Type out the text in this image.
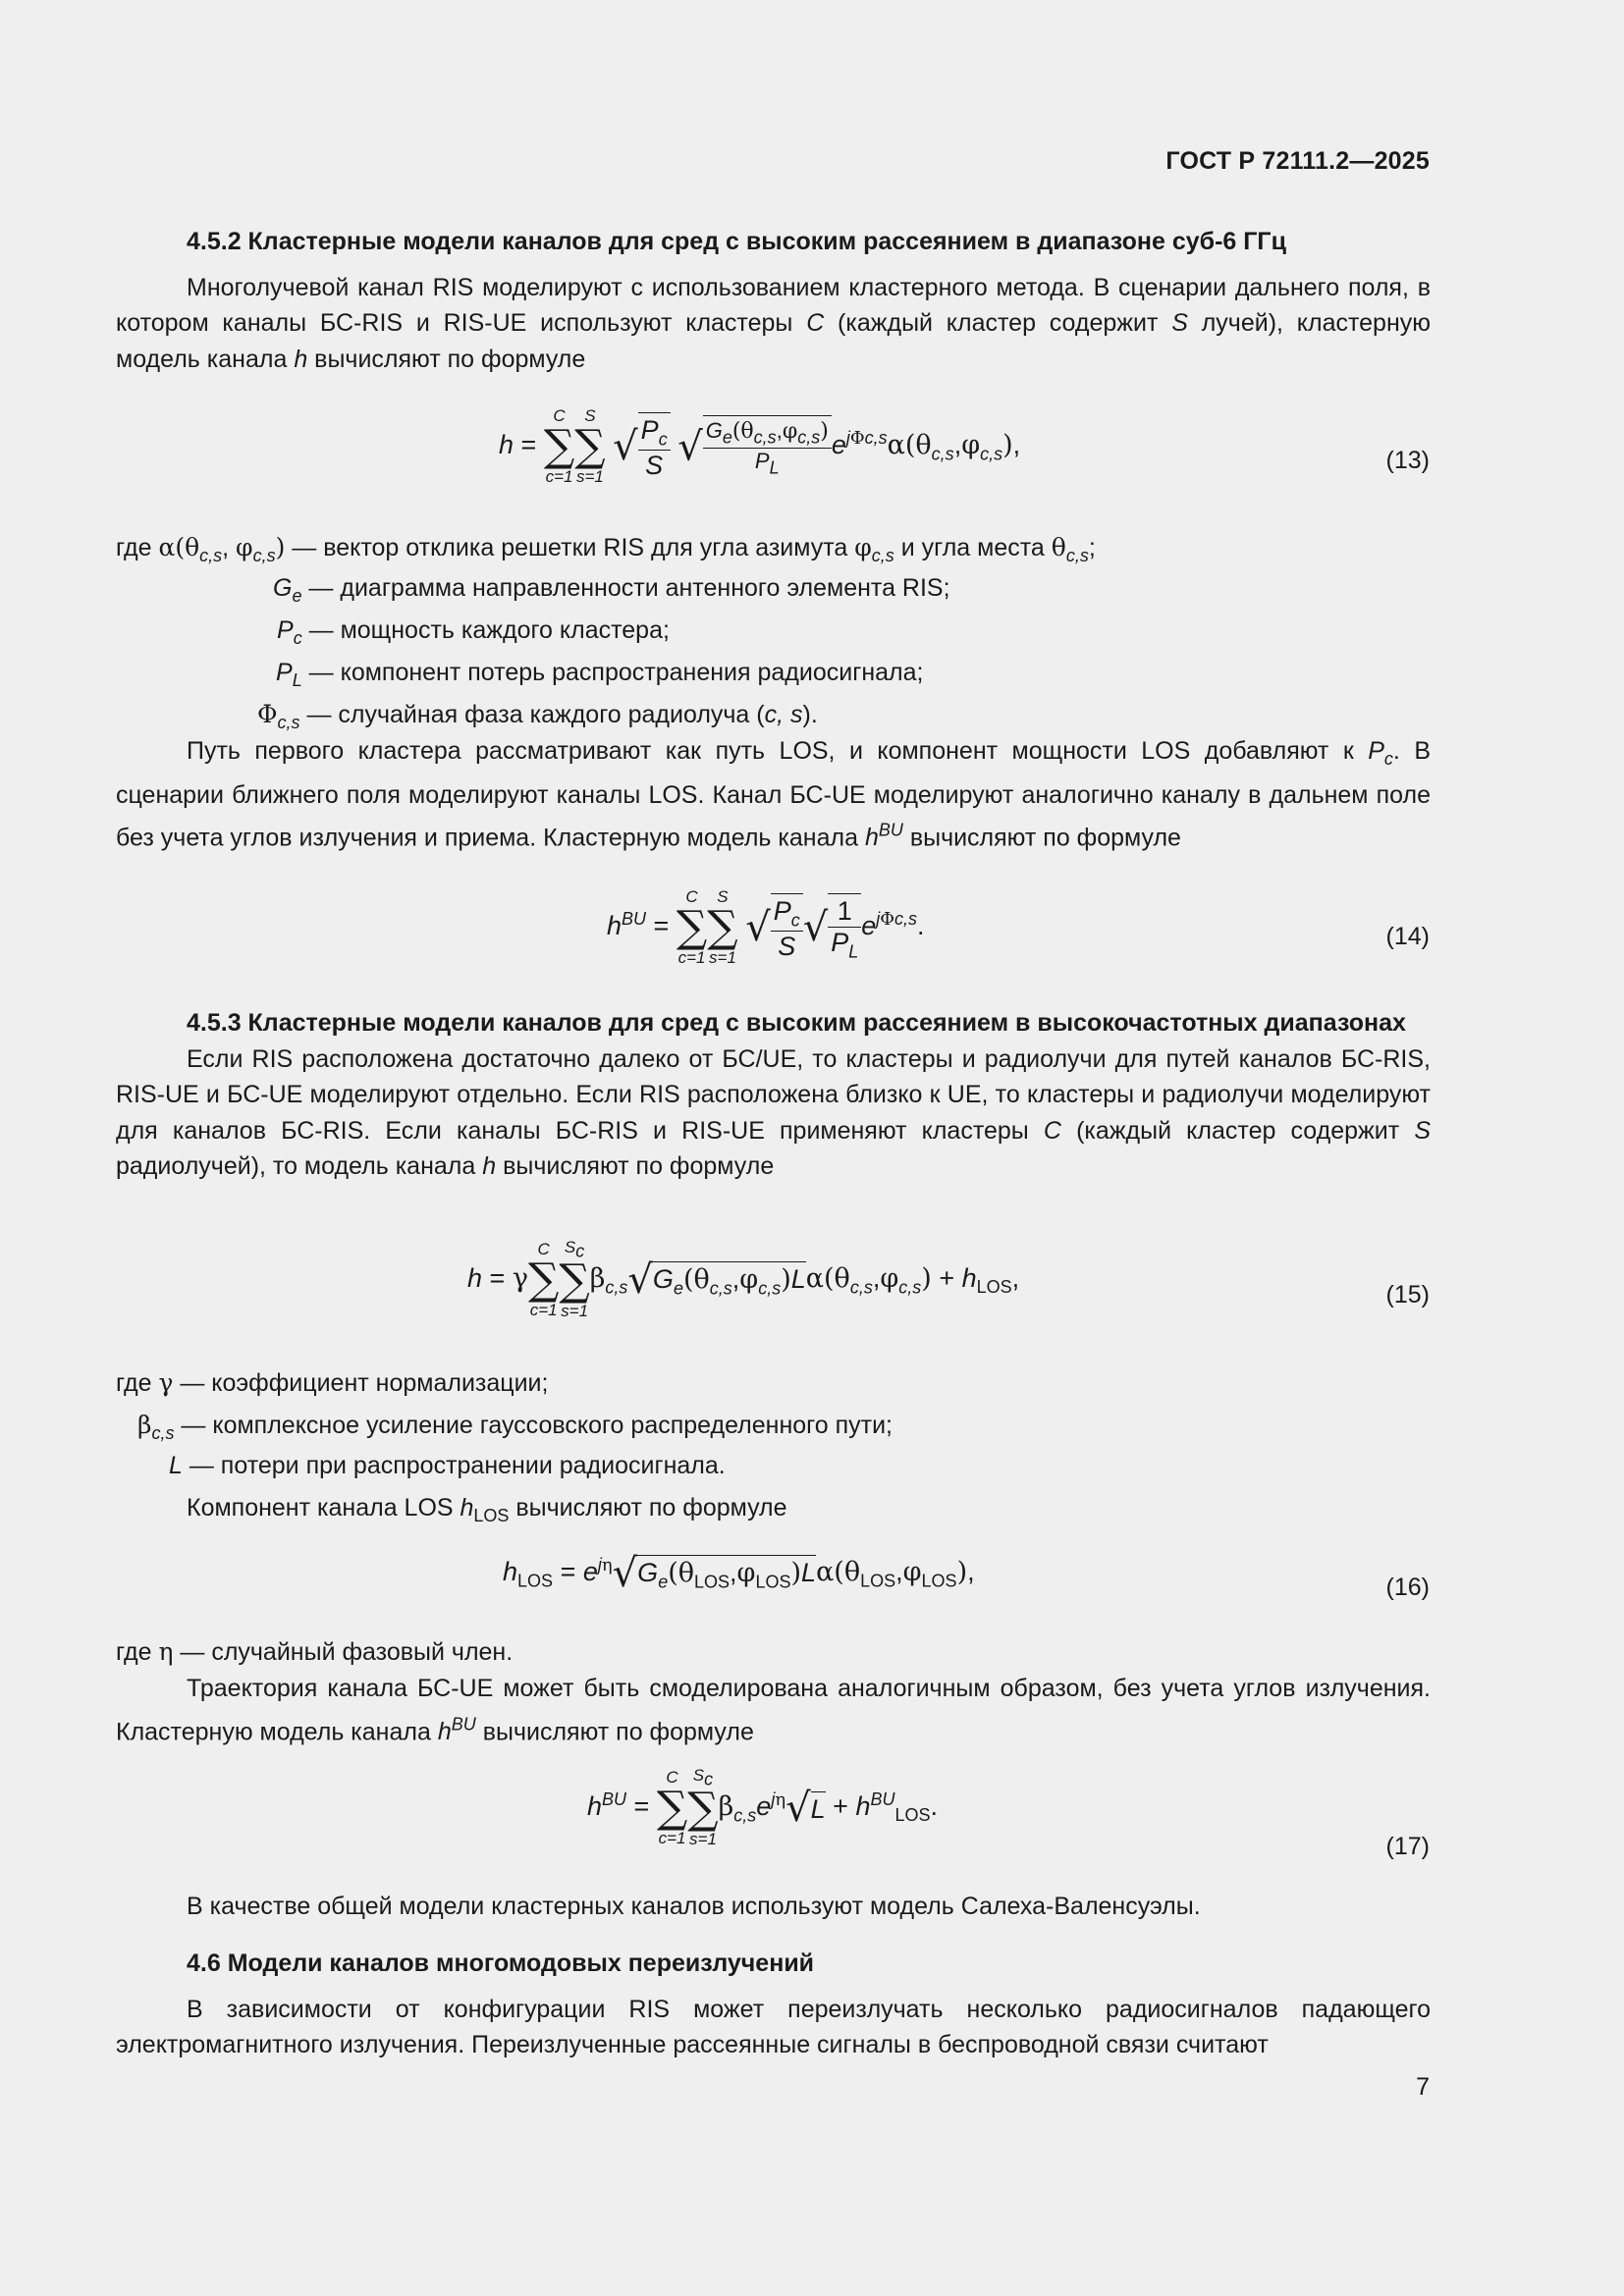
ГОСТ Р 72111.2—2025

4.5.2 Кластерные модели каналов для сред с высоким рассеянием в диапазоне суб-6 ГГц

Многолучевой канал RIS моделируют с использованием кластерного метода. В сценарии дальнего поля, в котором каналы БС-RIS и RIS-UE используют кластеры C (каждый кластер содержит S лучей), кластерную модель канала h вычисляют по формуле

h =
C
∑
c=1
S
∑
s=1
√ $\frac{P_c}{S}$ √ $\frac{G_e(\theta_{c,s},\varphi_{c,s})}{P_L} e^{j\Phi c,s}\alpha(\theta_{c,s},\varphi_{c,s})$,
(13)
где $\alpha(\theta_{c,s}$, $\varphi_{c,s}$) — вектор отклика решетки RIS для угла азимута $\varphi_{c,s}$ и угла места $\theta_{c,s}$;
$G_e$ — диаграмма направленности антенного элемента RIS;
$P_c$ — мощность каждого кластера;
$P_L$ — компонент потерь распространения радиосигнала;
$\Phi_{c,s}$ — случайная фаза каждого радиолуча (c, s).

Путь первого кластера рассматривают как путь LOS, и компонент мощности LOS добавляют к $P_c$. В сценарии ближнего поля моделируют каналы LOS. Канал БС-UE моделируют аналогично каналу в дальнем поле без учета углов излучения и приема. Кластерную модель канала $h^{BU}$ вычисляют по формуле

$h^{BU}$ =
C
∑
c=1
S
∑
s=1
√ $\frac{P_c}{S}$ √ $\frac{1}{P_L} e^{j\Phi c,s}$.	(14)

4.5.3 Кластерные модели каналов для сред с высоким рассеянием в высокочастотных диапазонах

Если RIS расположена достаточно далеко от БС/UE, то кластеры и радиолучи для путей каналов БС-RIS, RIS-UE и БС-UE моделируют отдельно. Если RIS расположена близко к UE, то кластеры и радиолучи моделируют для каналов БС-RIS. Если каналы БС-RIS и RIS-UE применяют кластеры C (каждый кластер содержит S радиолучей), то модель канала h вычисляют по формуле

h = γ
C
∑
c=1
$S_c$
∑
s=1
$\beta_{c,s}√G_e(\theta_{c,s},\varphi_{c,s})L\alpha(\theta_{c,s},\varphi_{c,s}) + h_{LOS}$,
(15)
где γ — коэффициент нормализации;
$\beta_{c,s}$ — комплексное усиление гауссовского распределенного пути;
L — потери при распространении радиосигнала.
Компонент канала LOS $h_{LOS}$ вычисляют по формуле
$h_{LOS} = e^{j\eta}√G_e(\theta_{LOS},\varphi_{LOS})L\alpha(\theta_{LOS},\varphi_{LOS})$,
(16)
где η — случайный фазовый член.

Траектория канала БС-UE может быть смоделирована аналогичным образом, без учета углов излучения. Кластерную модель канала $h^{BU}$ вычисляют по формуле

$h^{BU}$ =
C
∑
c=1
$S_c$
∑
s=1
$\beta_{c,s}e^{j\eta}√L + h^{BU}_{LOS}$.
(17)

В качестве общей модели кластерных каналов используют модель Салеха-Валенсуэлы.

4.6 Модели каналов многомодовых переизлучений

В зависимости от конфигурации RIS может переизлучать несколько радиосигналов падающего электромагнитного излучения. Переизлученные рассеянные сигналы в беспроводной связи считают

7
